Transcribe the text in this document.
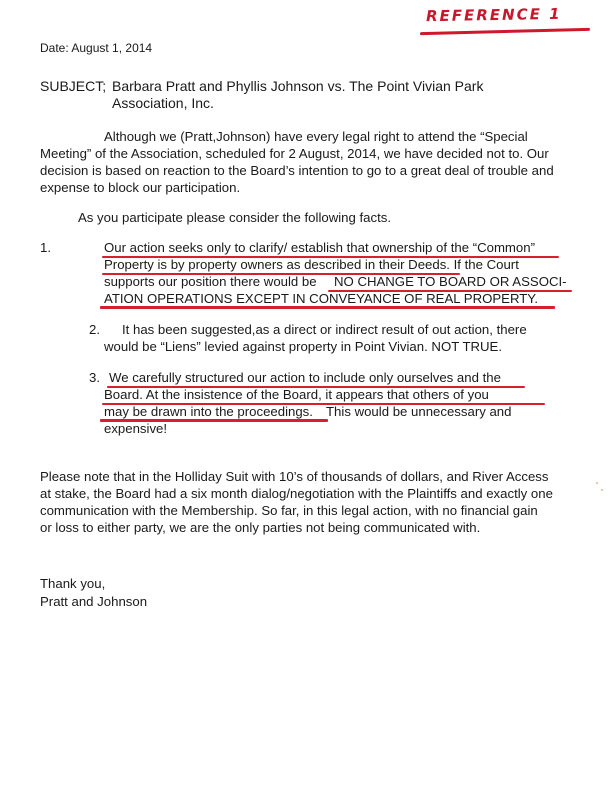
REFERENCE 1
Date: August 1, 2014
SUBJECT; Barbara Pratt and Phyllis Johnson vs. The Point Vivian Park
Association, Inc.
Although we (Pratt,Johnson) have every legal right to attend the “Special
Meeting” of the Association, scheduled for 2 August, 2014, we have decided not to. Our
decision is based on reaction to the Board’s intention to go to a great deal of trouble and
expense to block our participation.
As you participate please consider the following facts.
1.	Our action seeks only to clarify/ establish that ownership of the “Common”
Property is by property owners as described in their Deeds. If the Court
supports our position there would be NO CHANGE TO BOARD OR ASSOCI-
ATION OPERATIONS EXCEPT IN CONVEYANCE OF REAL PROPERTY.
2. It has been suggested,as a direct or indirect result of out action, there
would be “Liens” levied against property in Point Vivian. NOT TRUE.
3. We carefully structured our action to include only ourselves and the
Board. At the insistence of the Board, it appears that others of you
may be drawn into the proceedings. This would be unnecessary and
expensive!
Please note that in the Holliday Suit with 10’s of thousands of dollars, and River Access
at stake, the Board had a six month dialog/negotiation with the Plaintiffs and exactly one
communication with the Membership. So far, in this legal action, with no financial gain
or loss to either party, we are the only parties not being communicated with.
Thank you,
Pratt and Johnson
